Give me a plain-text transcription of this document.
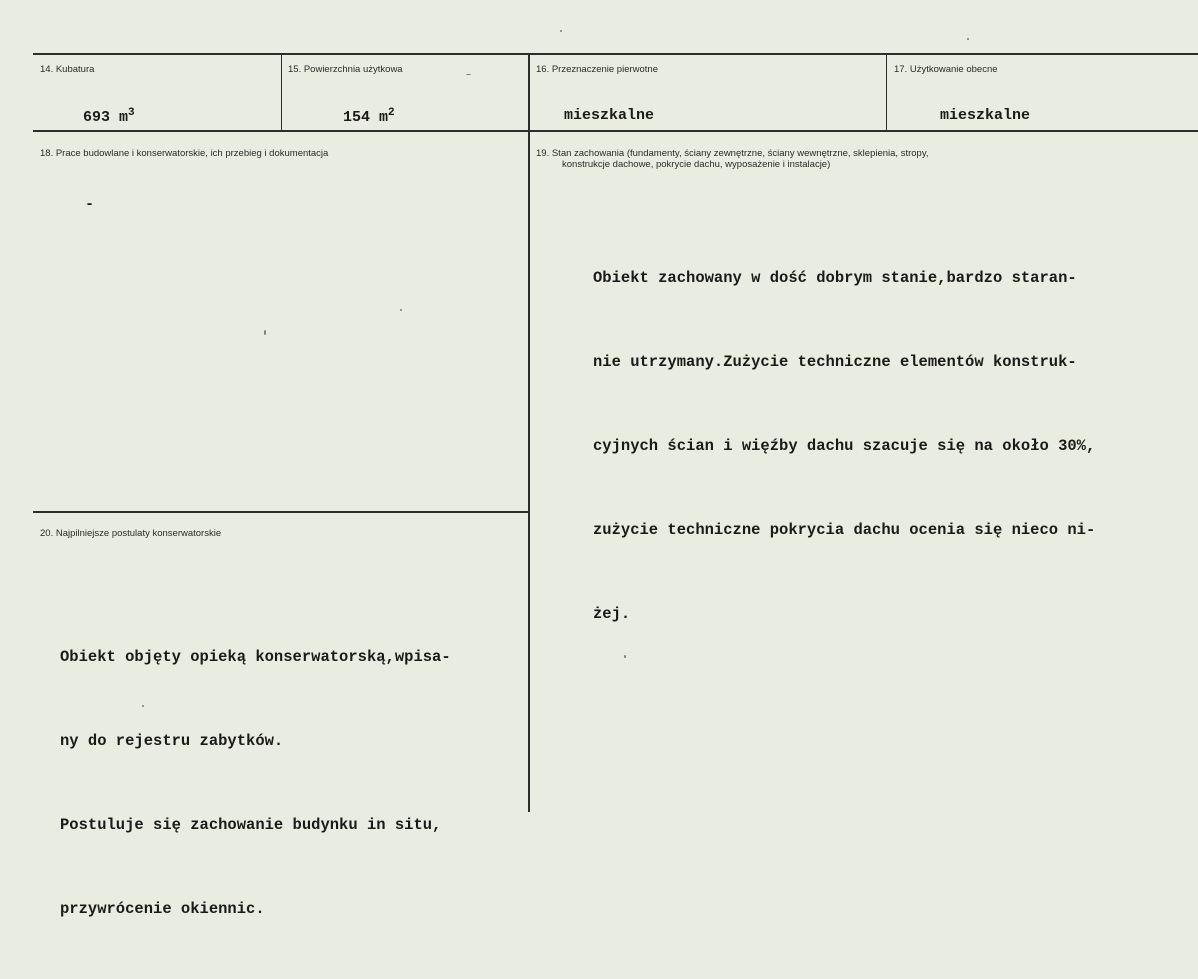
14. Kubatura
693 $m^3$
15. Powierzchnia użytkowa
154 $m^2$
16. Przeznaczenie pierwotne
mieszkalne
17. Użytkowanie obecne
mieszkalne
18. Prace budowlane i konserwatorskie, ich przebieg i dokumentacja
-
19. Stan zachowania (fundamenty, ściany zewnętrzne, ściany wewnętrzne, sklepienia, stropy,
konstrukcje dachowe, pokrycie dachu, wyposażenie i instalacje)

Obiekt zachowany w dość dobrym stanie,bardzo staran-

nie utrzymany.Zużycie techniczne elementów konstruk-

cyjnych ścian i więźby dachu szacuje się na około 30%,

zużycie techniczne pokrycia dachu ocenia się nieco ni-

żej.

20. Najpilniejsze postulaty konserwatorskie

Obiekt objęty opieką konserwatorską,wpisa-

ny do rejestru zabytków.

Postuluje się zachowanie budynku in situ,

przywrócenie okiennic.
